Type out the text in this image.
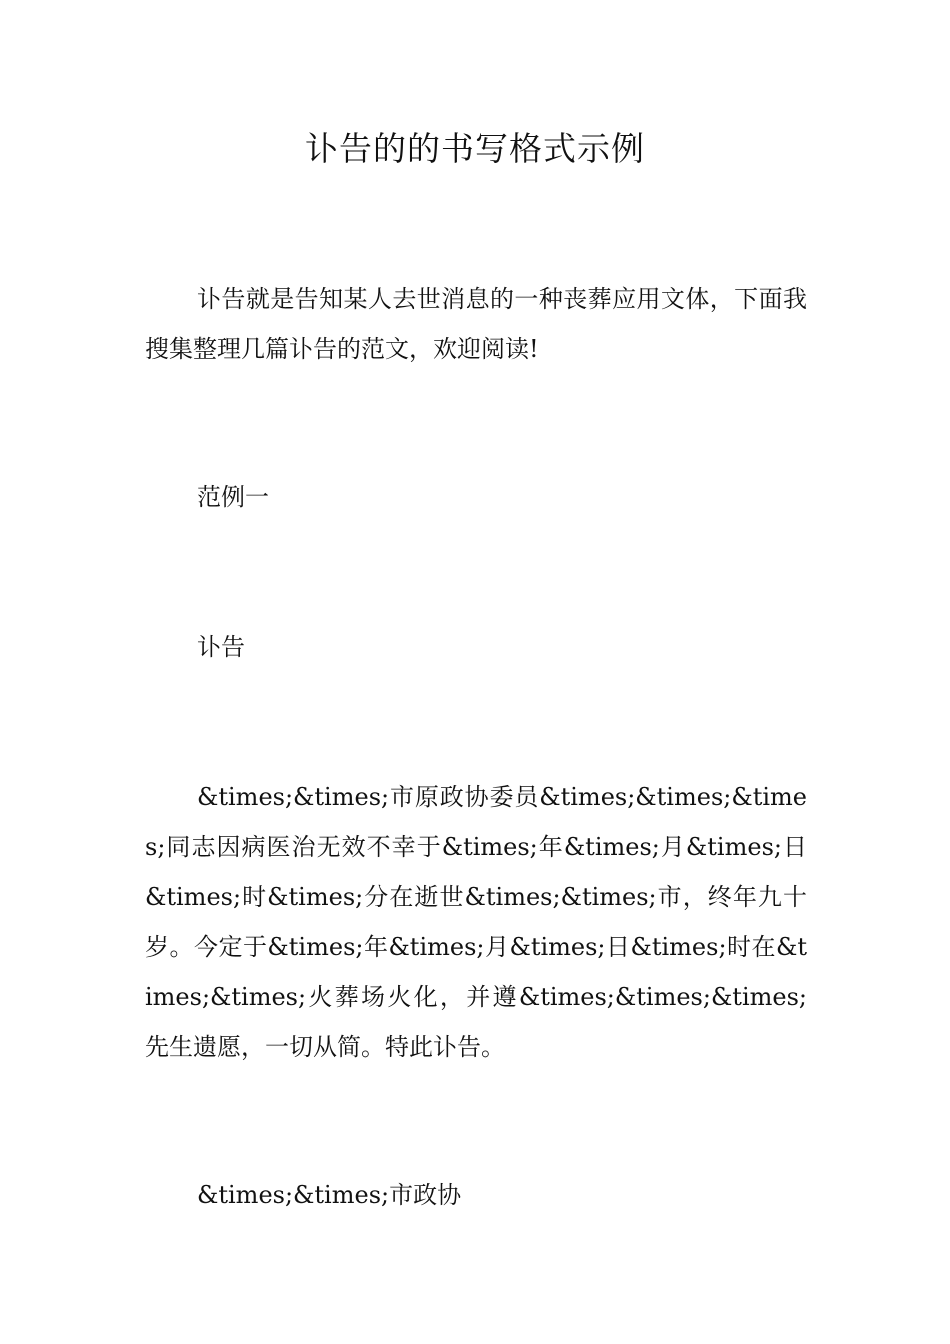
讣告的的书写格式示例

讣告就是告知某人去世消息的一种丧葬应用文体，下面我搜集整理几篇讣告的范文，欢迎阅读!

范例一

讣告

&times;&times;市原政协委员&times;&times;&times;同志因病医治无效不幸于&times;年&times;月&times;日&times;时&times;分在逝世&times;&times;市，终年九十岁。今定于&times;年&times;月&times;日&times;时在&times;&times;火葬场火化，并遵&times;&times;&times;先生遗愿，一切从简。特此讣告。

&times;&times;市政协
